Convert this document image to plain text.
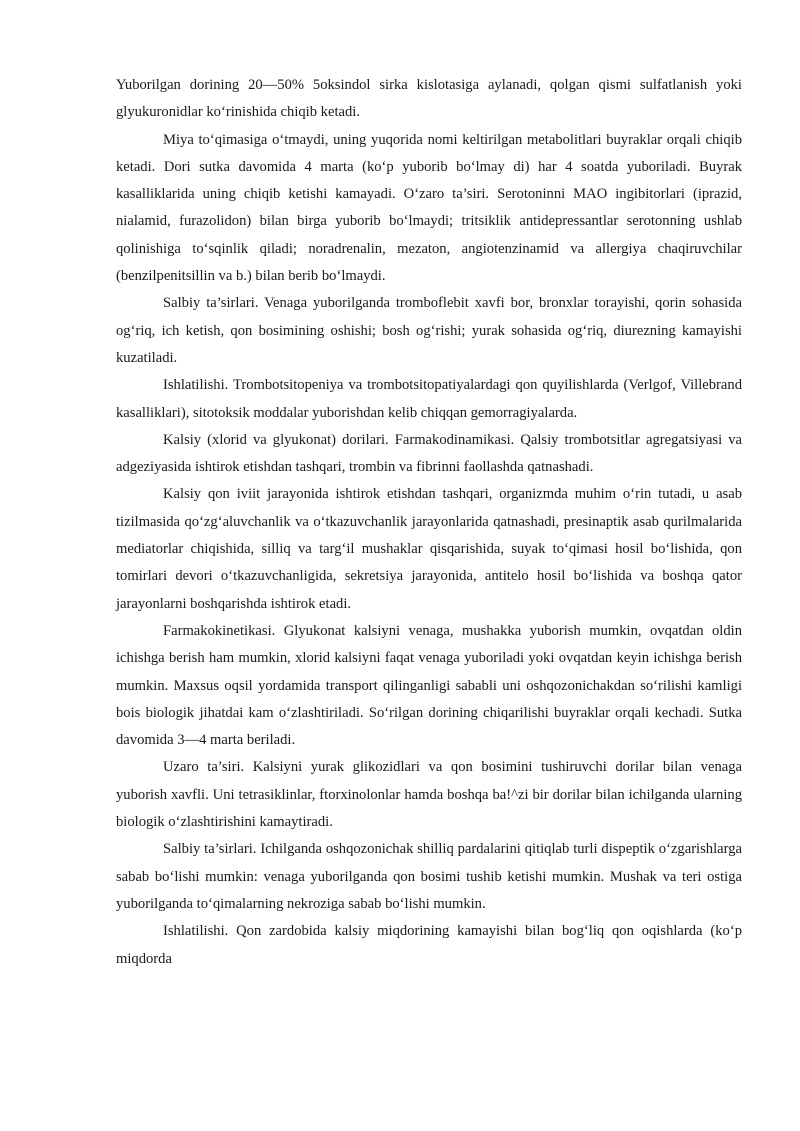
Yuborilgan dorining 20—50% 5oksindol sirka kislotasiga aylanadi, qolgan qismi sulfatlanish yoki glyukuronidlar ko‘rinishida chiqib ketadi.

Miya to‘qimasiga o‘tmaydi, uning yuqorida nomi keltirilgan metabolitlari buyraklar orqali chiqib ketadi. Dori sutka davomida 4 marta (ko‘p yuborib bo‘lmay di) har 4 soatda yuboriladi. Buyrak kasalliklarida uning chiqib ketishi kamayadi. O‘zaro ta’siri. Serotoninni MAO ingibitorlari (iprazid, nialamid, furazolidon) bilan birga yuborib bo‘lmaydi; tritsiklik antidepressantlar serotonning ushlab qolinishiga to‘sqinlik qiladi; noradrenalin, mezaton, angiotenzinamid va allergiya chaqiruvchilar (benzilpenitsillin va b.) bilan berib bo‘lmaydi.

Salbiy ta’sirlari. Venaga yuborilganda tromboflebit xavfi bor, bronxlar torayishi, qorin sohasida og‘riq, ich ketish, qon bosimining oshishi; bosh og‘rishi; yurak sohasida og‘riq, diurezning kamayishi kuzatiladi.

Ishlatilishi. Trombotsitopeniya va trombotsitopatiyalardagi qon quyilishlarda (Verlgof, Villebrand kasalliklari), sitotoksik moddalar yuborishdan kelib chiqqan gemorragiyalarda.

Kalsiy (xlorid va glyukonat) dorilari. Farmakodinamikasi. Qalsiy trombotsitlar agregatsiyasi va adgeziyasida ishtirok etishdan tashqari, trombin va fibrinni faollashda qatnashadi.

Kalsiy qon iviit jarayonida ishtirok etishdan tashqari, organizmda muhim o‘rin tutadi, u asab tizilmasida qo‘zg‘aluvchanlik va o‘tkazuvchanlik jarayonlarida qatnashadi, presinaptik asab qurilmalarida mediatorlar chiqishida, silliq va targ‘il mushaklar qisqarishida, suyak to‘qimasi hosil bo‘lishida, qon tomirlari devori o‘tkazuvchanligida, sekretsiya jarayonida, antitelo hosil bo‘lishida va boshqa qator jarayonlarni boshqarishda ishtirok etadi.

Farmakokinetikasi. Glyukonat kalsiyni venaga, mushakka yuborish mumkin, ovqatdan oldin ichishga berish ham mumkin, xlorid kalsiyni faqat venaga yuboriladi yoki ovqatdan keyin ichishga berish mumkin. Maxsus oqsil yordamida transport qilinganligi sababli uni oshqozonichakdan so‘rilishi kamligi bois biologik jihatdai kam o‘zlashtiriladi. So‘rilgan dorining chiqarilishi buyraklar orqali kechadi. Sutka davomida 3—4 marta beriladi.

Uzaro ta’siri. Kalsiyni yurak glikozidlari va qon bosimini tushiruvchi dorilar bilan venaga yuborish xavfli. Uni tetrasiklinlar, ftorxinolonlar hamda boshqa ba!^zi bir dorilar bilan ichilganda ularning biologik o‘zlashtirishini kamaytiradi.

Salbiy ta’sirlari. Ichilganda oshqozonichak shilliq pardalarini qitiqlab turli dispeptik o‘zgarishlarga sabab bo‘lishi mumkin: venaga yuborilganda qon bosimi tushib ketishi mumkin. Mushak va teri ostiga yuborilganda to‘qimalarning nekroziga sabab bo‘lishi mumkin.

Ishlatilishi. Qon zardobida kalsiy miqdorining kamayishi bilan bog‘liq qon oqishlarda (ko‘p miqdorda
